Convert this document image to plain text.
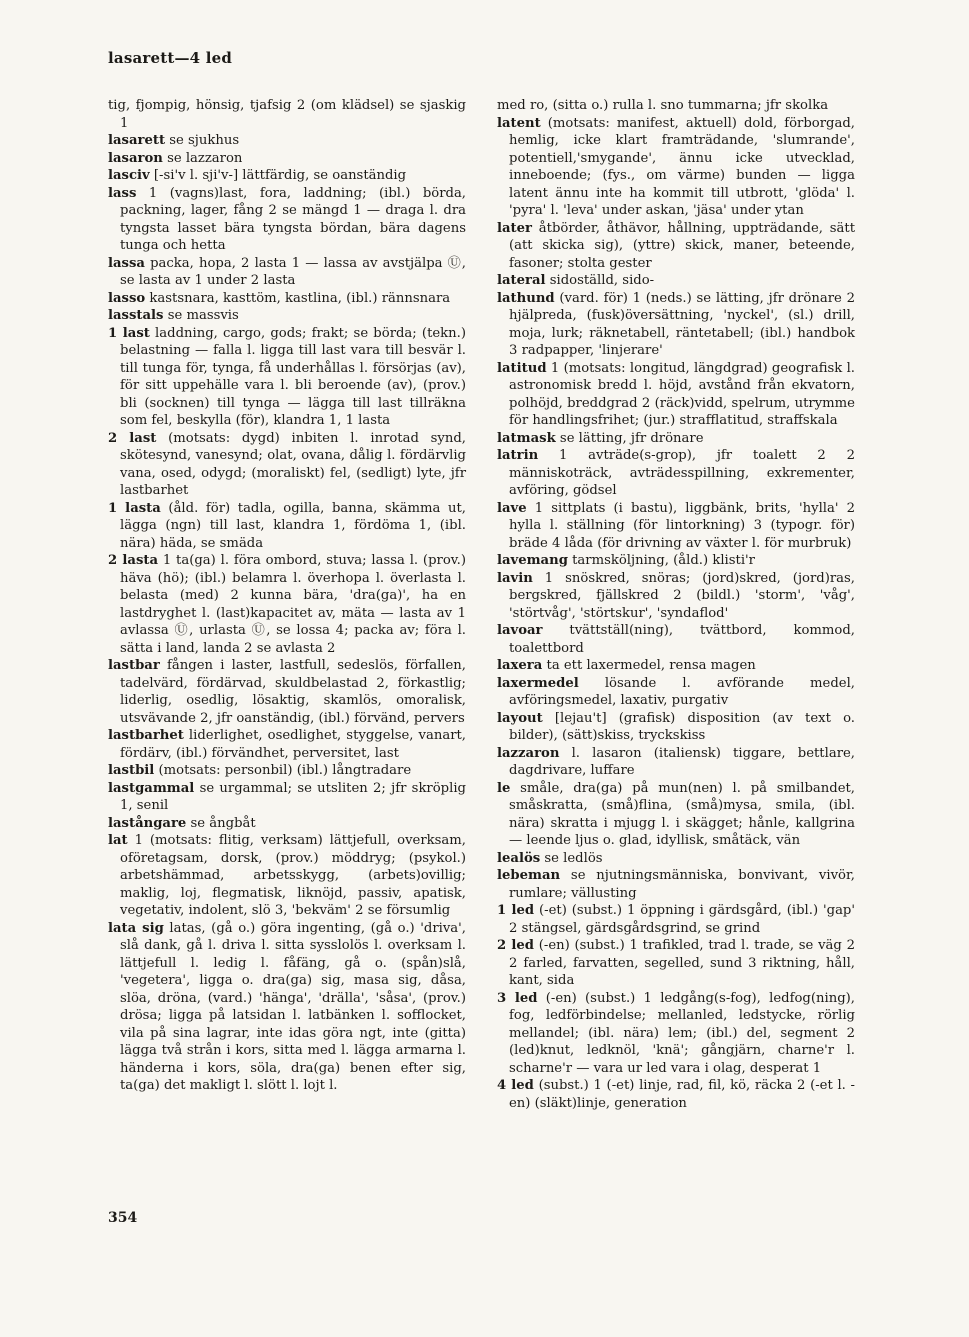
lasarett—4 led

tig, fjompig, hönsig, tjafsig 2 (om klädsel) se sjaskig 1

lasarett se sjukhus

lasaron se lazzaron

lasciv [-si'v l. sji'v-] lättfärdig, se oanständig

lass 1 (vagns)last, fora, laddning; (ibl.) börda, packning, lager, fång 2 se mängd 1 — draga l. dra tyngsta lasset bära tyngsta bördan, bära dagens tunga och hetta

lassa packa, hopa, 2 lasta 1 — lassa av avstjälpa Ⓤ, se lasta av 1 under 2 lasta

lasso kastsnara, kasttöm, kastlina, (ibl.) rännsnara

lasstals se massvis

1 last laddning, cargo, gods; frakt; se börda; (tekn.) belastning — falla l. ligga till last vara till besvär l. till tunga för, tynga, få underhållas l. försörjas (av), för sitt uppehälle vara l. bli beroende (av), (prov.) bli (socknen) till tynga — lägga till last tillräkna som fel, beskylla (för), klandra 1, 1 lasta

2 last (motsats: dygd) inbiten l. inrotad synd, skötesynd, vanesynd; olat, ovana, dålig l. fördärvlig vana, osed, odygd; (moraliskt) fel, (sedligt) lyte, jfr lastbarhet

1 lasta (åld. för) tadla, ogilla, banna, skämma ut, lägga (ngn) till last, klandra 1, fördöma 1, (ibl. nära) häda, se smäda

2 lasta 1 ta(ga) l. föra ombord, stuva; lassa l. (prov.) häva (hö); (ibl.) belamra l. överhopa l. överlasta l. belasta (med) 2 kunna bära, 'dra(ga)', ha en lastdryghet l. (last)kapacitet av, mäta — lasta av 1 avlassa Ⓤ, urlasta Ⓤ, se lossa 4; packa av; föra l. sätta i land, landa 2 se avlasta 2

lastbar fången i laster, lastfull, sedeslös, förfallen, tadelvärd, fördärvad, skuldbelastad 2, förkastlig; liderlig, osedlig, lösaktig, skamlös, omoralisk, utsvävande 2, jfr oanständig, (ibl.) förvänd, pervers

lastbarhet liderlighet, osedlighet, styggelse, vanart, fördärv, (ibl.) förvändhet, perversitet, last

lastbil (motsats: personbil) (ibl.) långtradare

lastgammal se urgammal; se utsliten 2; jfr skröplig 1, senil

lastångare se ångbåt

lat 1 (motsats: flitig, verksam) lättjefull, overksam, oföretagsam, dorsk, (prov.) möddryg; (psykol.) arbetshämmad, arbetsskygg, (arbets)ovillig; maklig, loj, flegmatisk, liknöjd, passiv, apatisk, vegetativ, indolent, slö 3, 'bekväm' 2 se försumlig

lata sig latas, (gå o.) göra ingenting, (gå o.) 'driva', slå dank, gå l. driva l. sitta sysslolös l. overksam l. lättjefull l. ledig l. fåfäng, gå o. (spån)slå, 'vegetera', ligga o. dra(ga) sig, masa sig, dåsa, slöa, dröna, (vard.) 'hänga', 'drälla', 'såsa', (prov.) drösa; ligga på latsidan l. latbänken l. sofflocket, vila på sina lagrar, inte idas göra ngt, inte (gitta) lägga två strån i kors, sitta med l. lägga armarna l. händerna i kors, söla, dra(ga) benen efter sig, ta(ga) det makligt l. slött l. lojt l.

med ro, (sitta o.) rulla l. sno tummarna; jfr skolka

latent (motsats: manifest, aktuell) dold, förborgad, hemlig, icke klart framträdande, 'slumrande', potentiell,'smygande', ännu icke utvecklad, inneboende; (fys., om värme) bunden — ligga latent ännu inte ha kommit till utbrott, 'glöda' l. 'pyra' l. 'leva' under askan, 'jäsa' under ytan

later åtbörder, åthävor, hållning, uppträdande, sätt (att skicka sig), (yttre) skick, maner, beteende, fasoner; stolta gester

lateral sidoställd, sido-

lathund (vard. för) 1 (neds.) se lätting, jfr drönare 2 hjälpreda, (fusk)översättning, 'nyckel', (sl.) drill, moja, lurk; räknetabell, räntetabell; (ibl.) handbok 3 radpapper, 'linjerare'

latitud 1 (motsats: longitud, längdgrad) geografisk l. astronomisk bredd l. höjd, avstånd från ekvatorn, polhöjd, breddgrad 2 (räck)vidd, spelrum, utrymme för handlingsfrihet; (jur.) strafflatitud, straffskala

latmask se lätting, jfr drönare

latrin 1 avträde(s-grop), jfr toalett 2 2 människoträck, avträdesspillning, exkrementer, avföring, gödsel

lave 1 sittplats (i bastu), liggbänk, brits, 'hylla' 2 hylla l. ställning (för lintorkning) 3 (typogr. för) bräde 4 låda (för drivning av växter l. för murbruk)

lavemang tarmsköljning, (åld.) klisti'r

lavin 1 snöskred, snöras; (jord)skred, (jord)ras, bergskred, fjällskred 2 (bildl.) 'storm', 'våg', 'störtvåg', 'störtskur', 'syndaflod'

lavoar tvättställ(ning), tvättbord, kommod, toalettbord

laxera ta ett laxermedel, rensa magen

laxermedel lösande l. avförande medel, avföringsmedel, laxativ, purgativ

layout [lejau't] (grafisk) disposition (av text o. bilder), (sätt)skiss, tryckskiss

lazzaron l. lasaron (italiensk) tiggare, bettlare, dagdrivare, luffare

le småle, dra(ga) på mun(nen) l. på smilbandet, småskratta, (små)flina, (små)mysa, smila, (ibl. nära) skratta i mjugg l. i skägget; hånle, kallgrina — leende ljus o. glad, idyllisk, småtäck, vän

lealös se ledlös

lebeman se njutningsmänniska, bonvivant, vivör, rumlare; vällusting

1 led (-et) (subst.) 1 öppning i gärdsgård, (ibl.) 'gap' 2 stängsel, gärdsgårdsgrind, se grind

2 led (-en) (subst.) 1 trafikled, trad l. trade, se väg 2 2 farled, farvatten, segelled, sund 3 riktning, håll, kant, sida

3 led (-en) (subst.) 1 ledgång(s-fog), ledfog(ning), fog, ledförbindelse; mellanled, ledstycke, rörlig mellandel; (ibl. nära) lem; (ibl.) del, segment 2 (led)knut, ledknöl, 'knä'; gångjärn, charne'r l. scharne'r — vara ur led vara i olag, desperat 1

4 led (subst.) 1 (-et) linje, rad, fil, kö, räcka 2 (-et l. -en) (släkt)linje, generation

354
